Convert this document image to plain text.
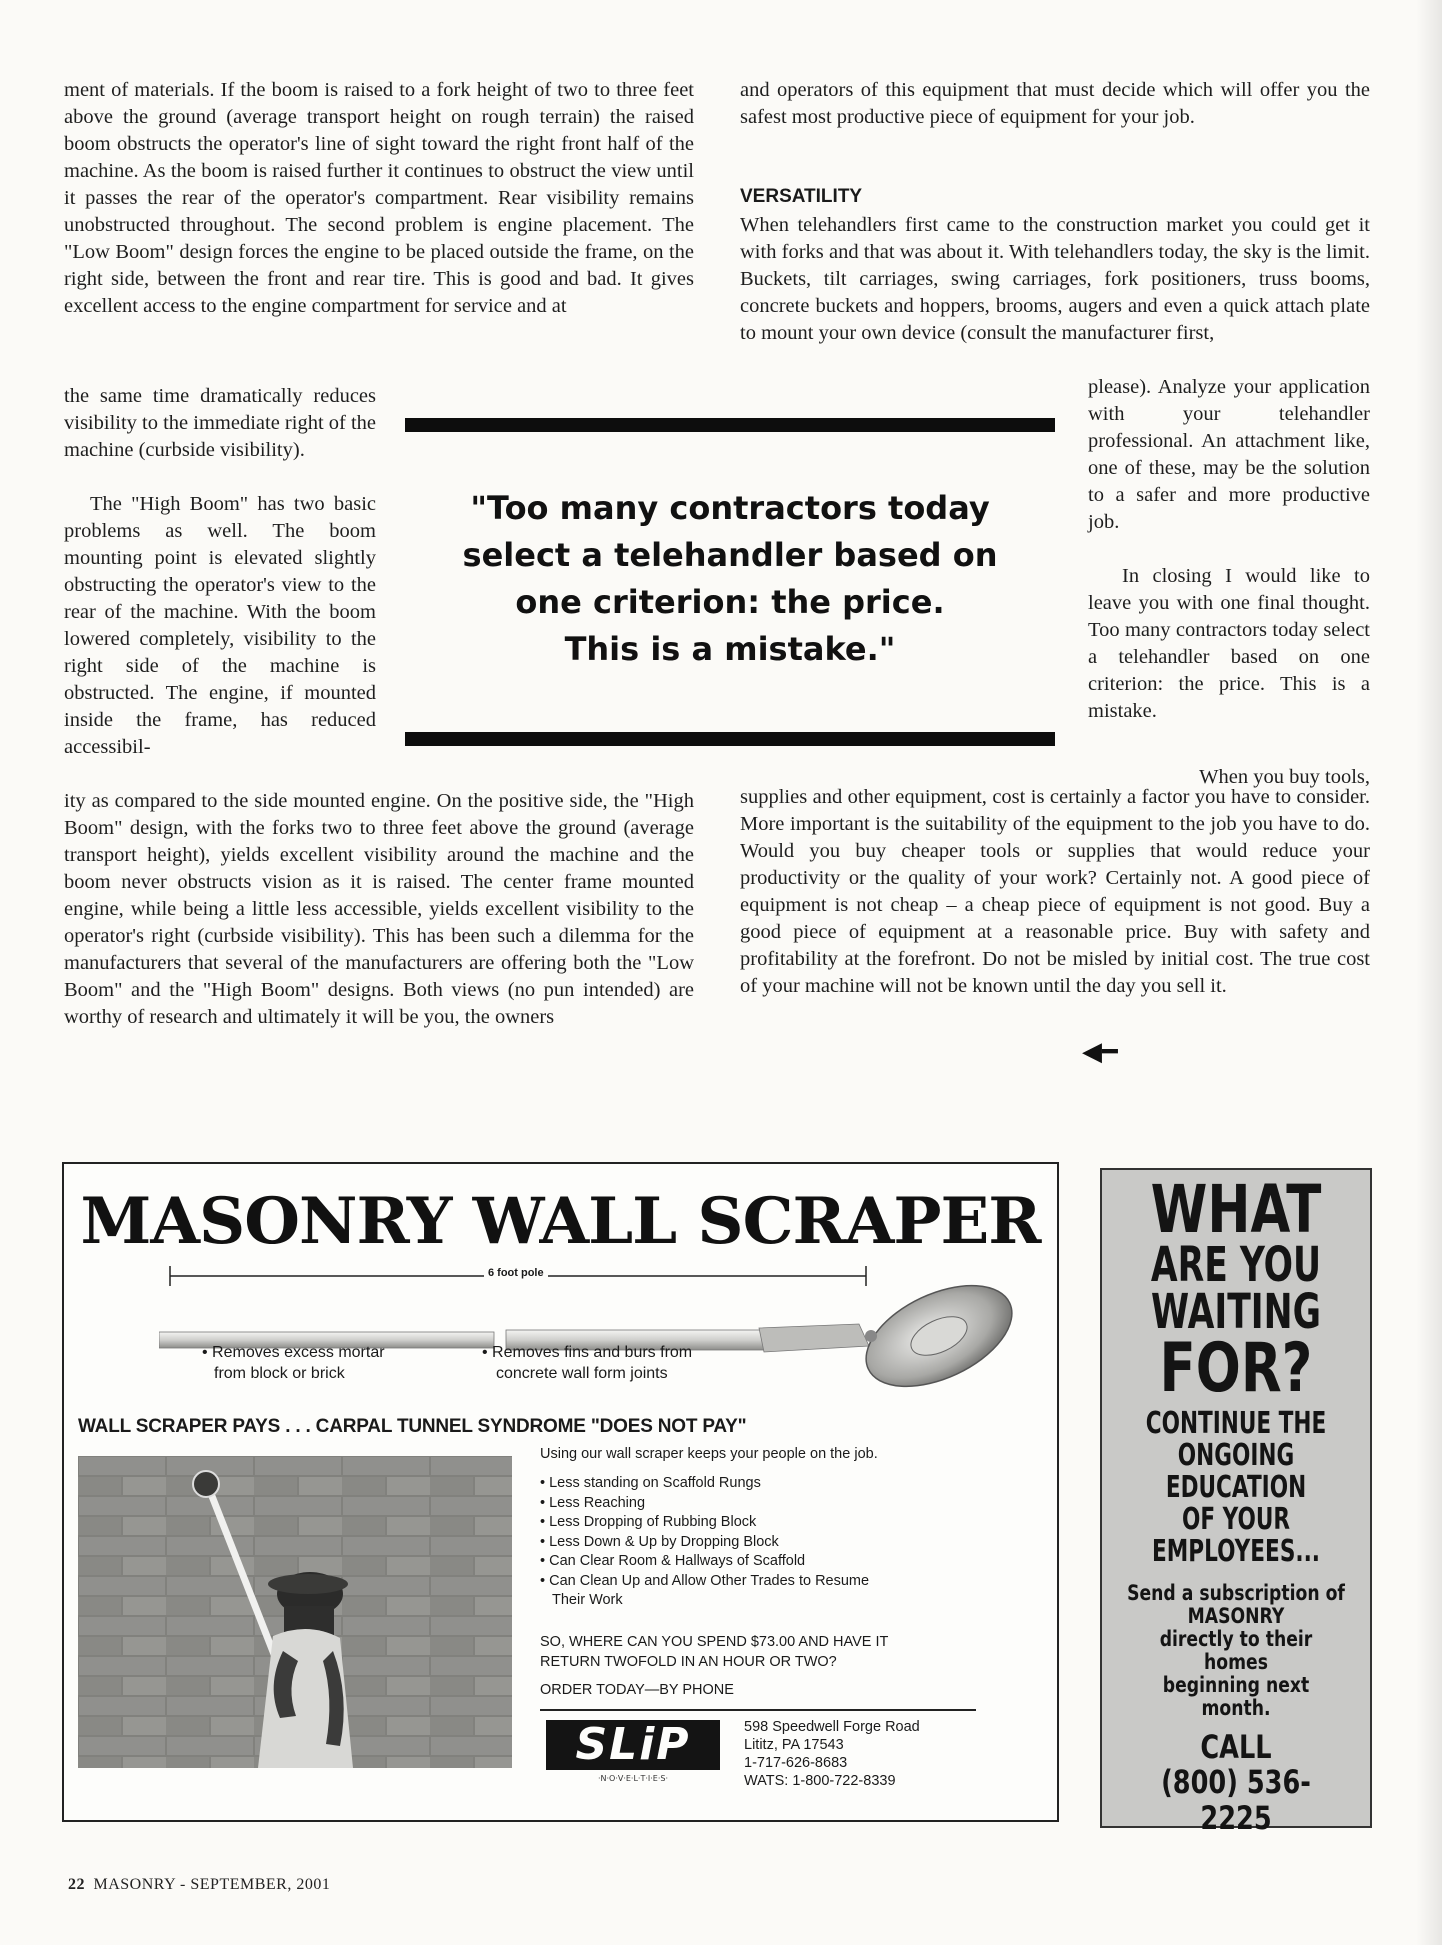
ment of materials. If the boom is raised to a fork height of two to three feet above the ground (average transport height on rough terrain) the raised boom obstructs the operator's line of sight toward the right front half of the machine. As the boom is raised further it continues to obstruct the view until it passes the rear of the operator's compartment. Rear visibility remains unobstructed throughout. The second problem is engine placement. The "Low Boom" design forces the engine to be placed outside the frame, on the right side, between the front and rear tire. This is good and bad. It gives excellent access to the engine compartment for service and at

the same time dramatically reduces visibility to the immediate right of the machine (curbside visibility).

The "High Boom" has two basic problems as well. The boom mounting point is elevated slightly obstructing the operator's view to the rear of the machine. With the boom lowered completely, visibility to the right side of the machine is obstructed. The engine, if mounted inside the frame, has reduced accessibil-

ity as compared to the side mounted engine. On the positive side, the "High Boom" design, with the forks two to three feet above the ground (average transport height), yields excellent visibility around the machine and the boom never obstructs vision as it is raised. The center frame mounted engine, while being a little less accessible, yields excellent visibility to the operator's right (curbside visibility). This has been such a dilemma for the manufacturers that several of the manufacturers are offering both the "Low Boom" and the "High Boom" designs. Both views (no pun intended) are worthy of research and ultimately it will be you, the owners

and operators of this equipment that must decide which will offer you the safest most productive piece of equipment for your job.

VERSATILITY

When telehandlers first came to the construction market you could get it with forks and that was about it. With telehandlers today, the sky is the limit. Buckets, tilt carriages, swing carriages, fork positioners, truss booms, concrete buckets and hoppers, brooms, augers and even a quick attach plate to mount your own device (consult the manufacturer first,

please). Analyze your application with your telehandler professional. An attachment like, one of these, may be the solution to a safer and more productive job.

In closing I would like to leave you with one final thought. Too many contractors today select a telehandler based on one criterion: the price. This is a mistake.

When you buy tools,

supplies and other equipment, cost is certainly a factor you have to consider. More important is the suitability of the equipment to the job you have to do. Would you buy cheaper tools or supplies that would reduce your productivity or the quality of your work? Certainly not. A good piece of equipment is not cheap – a cheap piece of equipment is not good. Buy a good piece of equipment at a reasonable price. Buy with safety and profitability at the forefront. Do not be misled by initial cost. The true cost of your machine will not be known until the day you sell it.

◀━
"Too many contractors today
select a telehandler based on
one criterion: the price.
This is a mistake."
MASONRY WALL SCRAPER
6 foot pole
• Removes excess mortar
from block or brick
• Removes fins and burs from
concrete wall form joints
WALL SCRAPER PAYS . . . CARPAL TUNNEL SYNDROME "DOES NOT PAY"
Using our wall scraper keeps your people on the job.
• Less standing on Scaffold Rungs
• Less Reaching
• Less Dropping of Rubbing Block
• Less Down & Up by Dropping Block
• Can Clear Room & Hallways of Scaffold
• Can Clean Up and Allow Other Trades to Resume
Their Work
SO, WHERE CAN YOU SPEND $73.00 AND HAVE IT
RETURN TWOFOLD IN AN HOUR OR TWO?
ORDER TODAY—BY PHONE
SLiP
·N·O·V·E·L·T·I·E·S·
598 Speedwell Forge Road
Lititz, PA 17543
1-717-626-8683
WATS: 1-800-722-8339
WHAT
ARE YOU
WAITING
FOR?
CONTINUE THE
ONGOING
EDUCATION
OF YOUR
EMPLOYEES...
Send a subscription of
MASONRY
directly to their homes
beginning next month.
CALL
(800) 536-2225
22 MASONRY - SEPTEMBER, 2001
